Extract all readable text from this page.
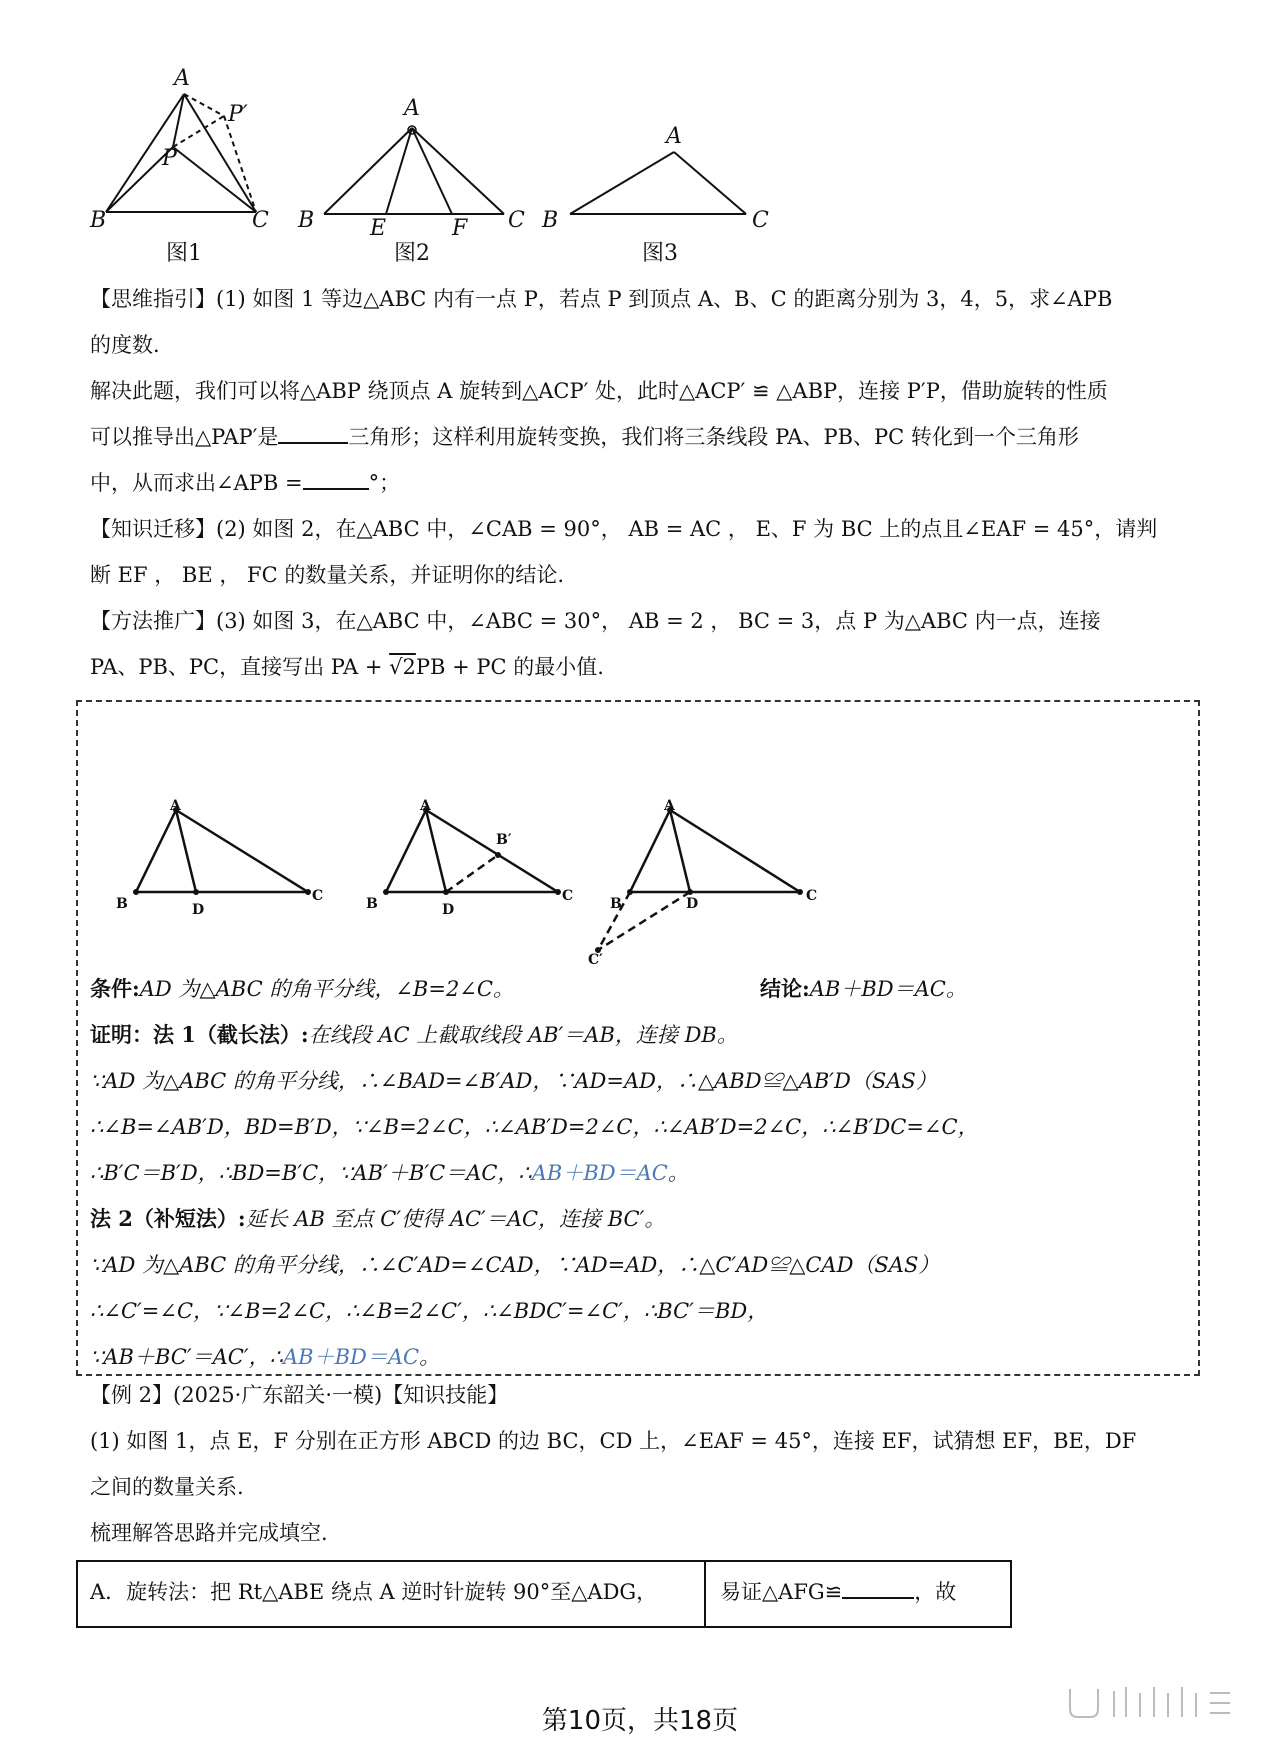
A
P′
P
B	C
图1
A
B	E	F C
图2
A
B	C
图3
【思维指引】(1) 如图 1 等边△ABC 内有一点 P，若点 P 到顶点 A、B、C 的距离分别为 3，4，5，求∠APB
的度数.
解决此题，我们可以将△ABP 绕顶点 A 旋转到△ACP′ 处，此时△ACP′ ≌ △ABP，连接 P′P，借助旋转的性质
可以推导出△PAP′是	三角形；这样利用旋转变换，我们将三条线段 PA、PB、PC 转化到一个三角形
中，从而求出∠APB =	°；
【知识迁移】(2) 如图 2，在△ABC 中，∠CAB = 90°， AB = AC ， E、F 为 BC 上的点且∠EAF = 45°，请判
断 EF ， BE ， FC 的数量关系，并证明你的结论.
【方法推广】(3) 如图 3，在△ABC 中，∠ABC = 30°， AB = 2 ， BC = 3，点 P 为△ABC 内一点，连接
PA、PB、PC，直接写出 PA + √2PB + PC 的最小值.
A
B	D
C
A
B′
B	D
C
A
B	D	C
C′
条件:AD 为△ABC 的角平分线，∠B=2∠C。	结论:AB＋BD＝AC。
证明：法 1（截长法）:在线段 AC 上截取线段 AB′＝AB，连接 DB。
∵AD 为△ABC 的角平分线，∴∠BAD=∠B′AD，∵AD=AD，∴△ABD≌△AB′D（SAS）
∴∠B=∠AB′D，BD=B′D，∵∠B=2∠C，∴∠AB′D=2∠C，∴∠AB′D=2∠C，∴∠B′DC=∠C，
∴B′C＝B′D，∴BD=B′C，∵AB′＋B′C＝AC，∴AB＋BD＝AC。
法 2（补短法）:延长 AB 至点 C′使得 AC′＝AC，连接 BC′。
∵AD 为△ABC 的角平分线，∴∠C′AD=∠CAD，∵AD=AD，∴△C′AD≌△CAD（SAS）
∴∠C′=∠C，∵∠B=2∠C，∴∠B=2∠C′，∴∠BDC′=∠C′，∴BC′＝BD，
∵AB＋BC′＝AC′，∴AB＋BD＝AC。
【例 2】(2025·广东韶关·一模)【知识技能】
(1) 如图 1，点 E，F 分别在正方形 ABCD 的边 BC，CD 上，∠EAF = 45°，连接 EF，试猜想 EF，BE，DF
之间的数量关系.
梳理解答思路并完成填空.
A．旋转法：把 Rt△ABE 绕点 A 逆时针旋转 90°至△ADG，	易证△AFG≌	，故
第10页，共18页
